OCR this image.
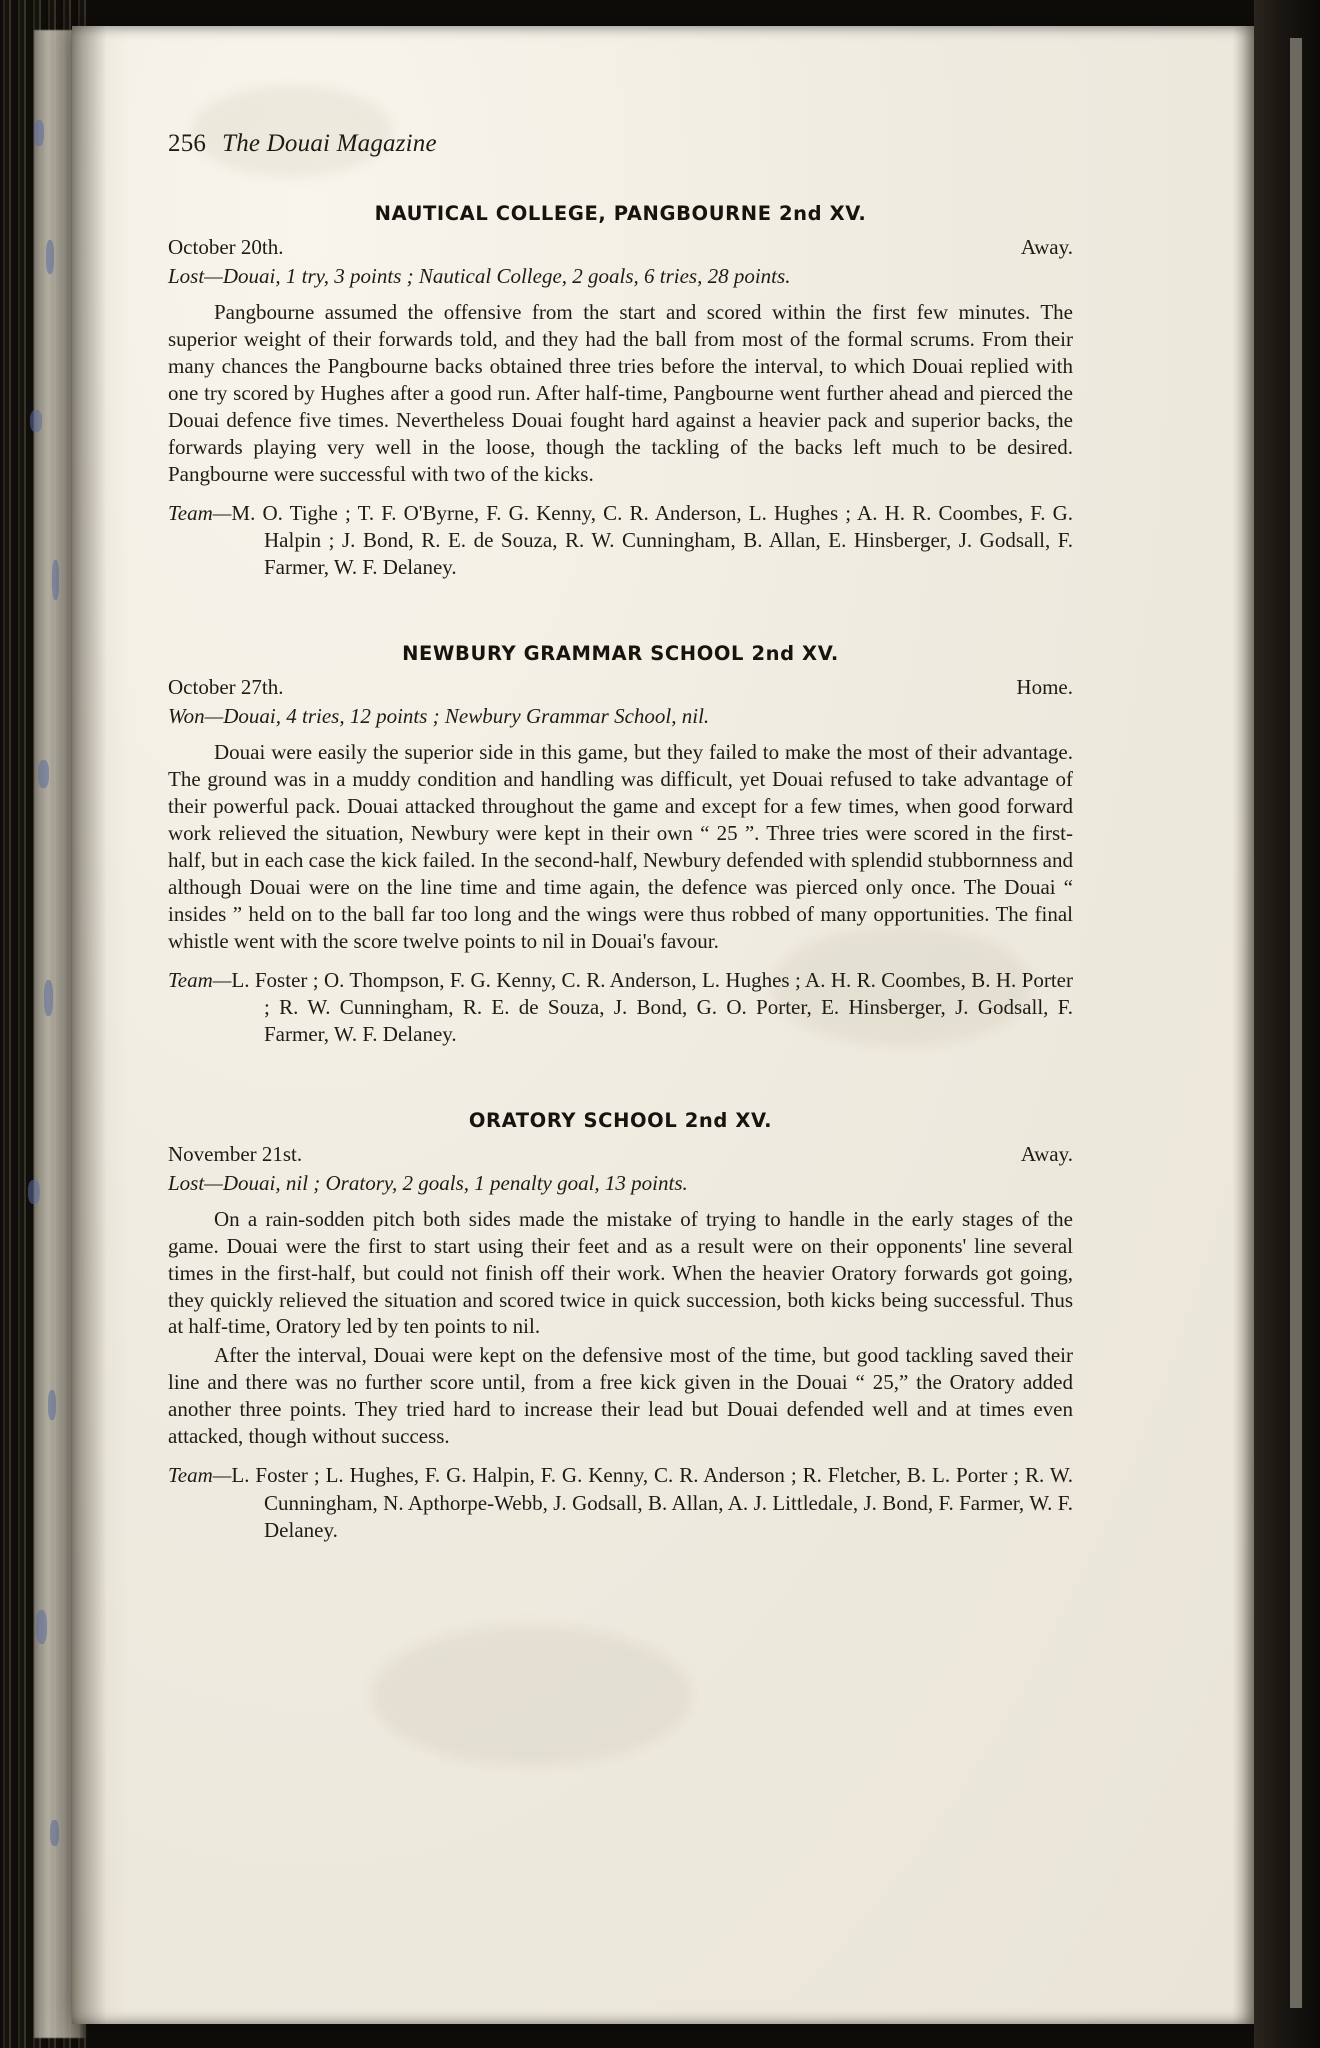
256 The Douai Magazine
NAUTICAL COLLEGE, PANGBOURNE 2nd XV.
October 20th.	Away.
Lost—Douai, 1 try, 3 points ; Nautical College, 2 goals, 6 tries, 28 points.

Pangbourne assumed the offensive from the start and scored within the first few minutes. The superior weight of their forwards told, and they had the ball from most of the formal scrums. From their many chances the Pangbourne backs obtained three tries before the interval, to which Douai replied with one try scored by Hughes after a good run. After half-time, Pangbourne went further ahead and pierced the Douai defence five times. Nevertheless Douai fought hard against a heavier pack and superior backs, the forwards playing very well in the loose, though the tackling of the backs left much to be desired. Pangbourne were successful with two of the kicks.

Team—M. O. Tighe ; T. F. O'Byrne, F. G. Kenny, C. R. Anderson, L. Hughes ; A. H. R. Coombes, F. G. Halpin ; J. Bond, R. E. de Souza, R. W. Cunningham, B. Allan, E. Hinsberger, J. Godsall, F. Farmer, W. F. Delaney.
NEWBURY GRAMMAR SCHOOL 2nd XV.
October 27th.	Home.
Won—Douai, 4 tries, 12 points ; Newbury Grammar School, nil.

Douai were easily the superior side in this game, but they failed to make the most of their advantage. The ground was in a muddy condition and handling was difficult, yet Douai refused to take advantage of their powerful pack. Douai attacked throughout the game and except for a few times, when good forward work relieved the situation, Newbury were kept in their own “ 25 ”. Three tries were scored in the first-half, but in each case the kick failed. In the second-half, Newbury defended with splendid stubbornness and although Douai were on the line time and time again, the defence was pierced only once. The Douai “ insides ” held on to the ball far too long and the wings were thus robbed of many opportunities. The final whistle went with the score twelve points to nil in Douai's favour.

Team—L. Foster ; O. Thompson, F. G. Kenny, C. R. Anderson, L. Hughes ; A. H. R. Coombes, B. H. Porter ; R. W. Cunningham, R. E. de Souza, J. Bond, G. O. Porter, E. Hinsberger, J. Godsall, F. Farmer, W. F. Delaney.
ORATORY SCHOOL 2nd XV.
November 21st.	Away.
Lost—Douai, nil ; Oratory, 2 goals, 1 penalty goal, 13 points.

On a rain-sodden pitch both sides made the mistake of trying to handle in the early stages of the game. Douai were the first to start using their feet and as a result were on their opponents' line several times in the first-half, but could not finish off their work. When the heavier Oratory forwards got going, they quickly relieved the situation and scored twice in quick succession, both kicks being successful. Thus at half-time, Oratory led by ten points to nil.

After the interval, Douai were kept on the defensive most of the time, but good tackling saved their line and there was no further score until, from a free kick given in the Douai “ 25,” the Oratory added another three points. They tried hard to increase their lead but Douai defended well and at times even attacked, though without success.

Team—L. Foster ; L. Hughes, F. G. Halpin, F. G. Kenny, C. R. Anderson ; R. Fletcher, B. L. Porter ; R. W. Cunningham, N. Apthorpe-Webb, J. Godsall, B. Allan, A. J. Littledale, J. Bond, F. Farmer, W. F. Delaney.
